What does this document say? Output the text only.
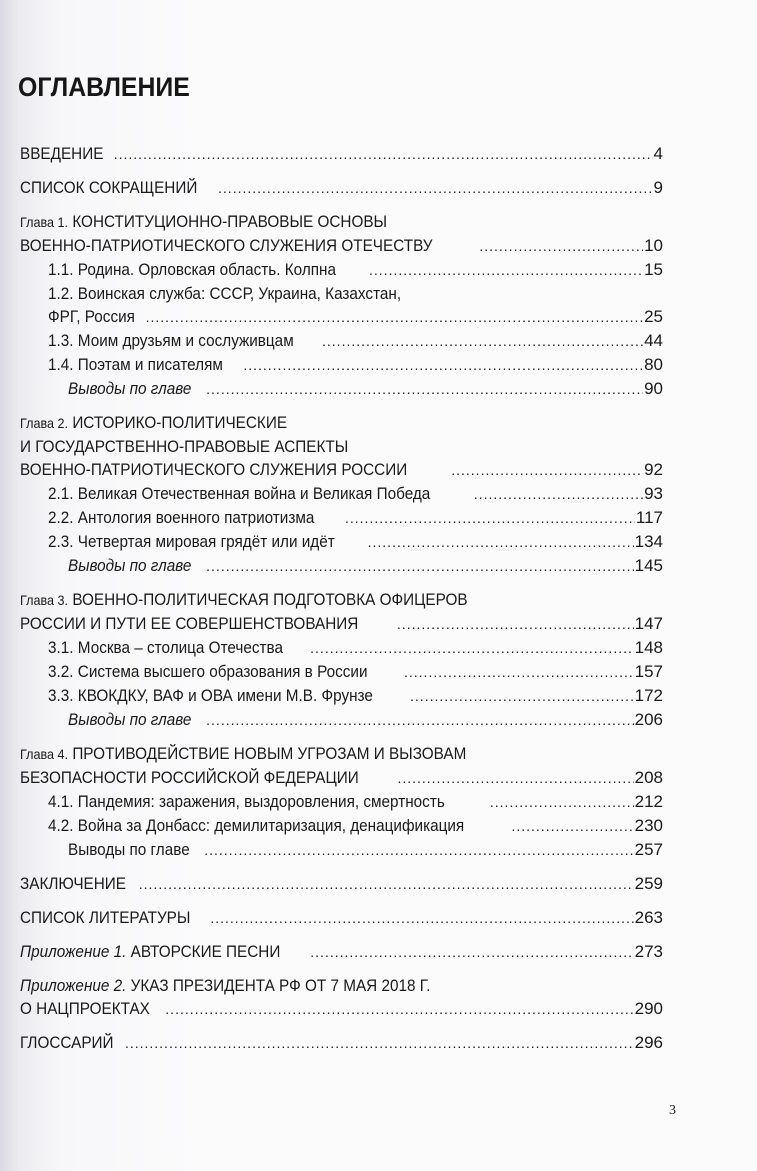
ОГЛАВЛЕНИЕ
ВВЕДЕНИЕ .....	4
СПИСОК СОКРАЩЕНИЙ .....	9
Глава 1. КОНСТИТУЦИОННО-ПРАВОВЫЕ ОСНОВЫ
ВОЕННО-ПАТРИОТИЧЕСКОГО СЛУЖЕНИЯ ОТЕЧЕСТВУ .....	10
1.1. Родина. Орловская область. Колпна .....	15
1.2. Воинская служба: СССР, Украина, Казахстан,
ФРГ, Россия .....	25
1.3. Моим друзьям и сослуживцам .....	44
1.4. Поэтам и писателям .....	80
Выводы по главе .....	90
Глава 2. ИСТОРИКО-ПОЛИТИЧЕСКИЕ
И ГОСУДАРСТВЕННО-ПРАВОВЫЕ АСПЕКТЫ
ВОЕННО-ПАТРИОТИЧЕСКОГО СЛУЖЕНИЯ РОССИИ .....	92
2.1. Великая Отечественная война и Великая Победа .....	93
2.2. Антология военного патриотизма .....	117
2.3. Четвертая мировая грядёт или идёт .....	134
Выводы по главе .....	145
Глава 3. ВОЕННО-ПОЛИТИЧЕСКАЯ ПОДГОТОВКА ОФИЦЕРОВ
РОССИИ И ПУТИ ЕЕ СОВЕРШЕНСТВОВАНИЯ .....	147
3.1. Москва – столица Отечества .....	148
3.2. Система высшего образования в России .....	157
3.3. КВОКДКУ, ВАФ и ОВА имени М.В. Фрунзе .....	172
Выводы по главе .....	206
Глава 4. ПРОТИВОДЕЙСТВИЕ НОВЫМ УГРОЗАМ И ВЫЗОВАМ
БЕЗОПАСНОСТИ РОССИЙСКОЙ ФЕДЕРАЦИИ .....	208
4.1. Пандемия: заражения, выздоровления, смертность .....	212
4.2. Война за Донбасс: демилитаризация, денацификация .....	230
Выводы по главе .....	257
ЗАКЛЮЧЕНИЕ .....	259
СПИСОК ЛИТЕРАТУРЫ .....	263
Приложение 1. АВТОРСКИЕ ПЕСНИ .....	273
Приложение 2. УКАЗ ПРЕЗИДЕНТА РФ ОТ 7 МАЯ 2018 Г.
О НАЦПРОЕКТАХ .....	290
ГЛОССАРИЙ .....	296
3
